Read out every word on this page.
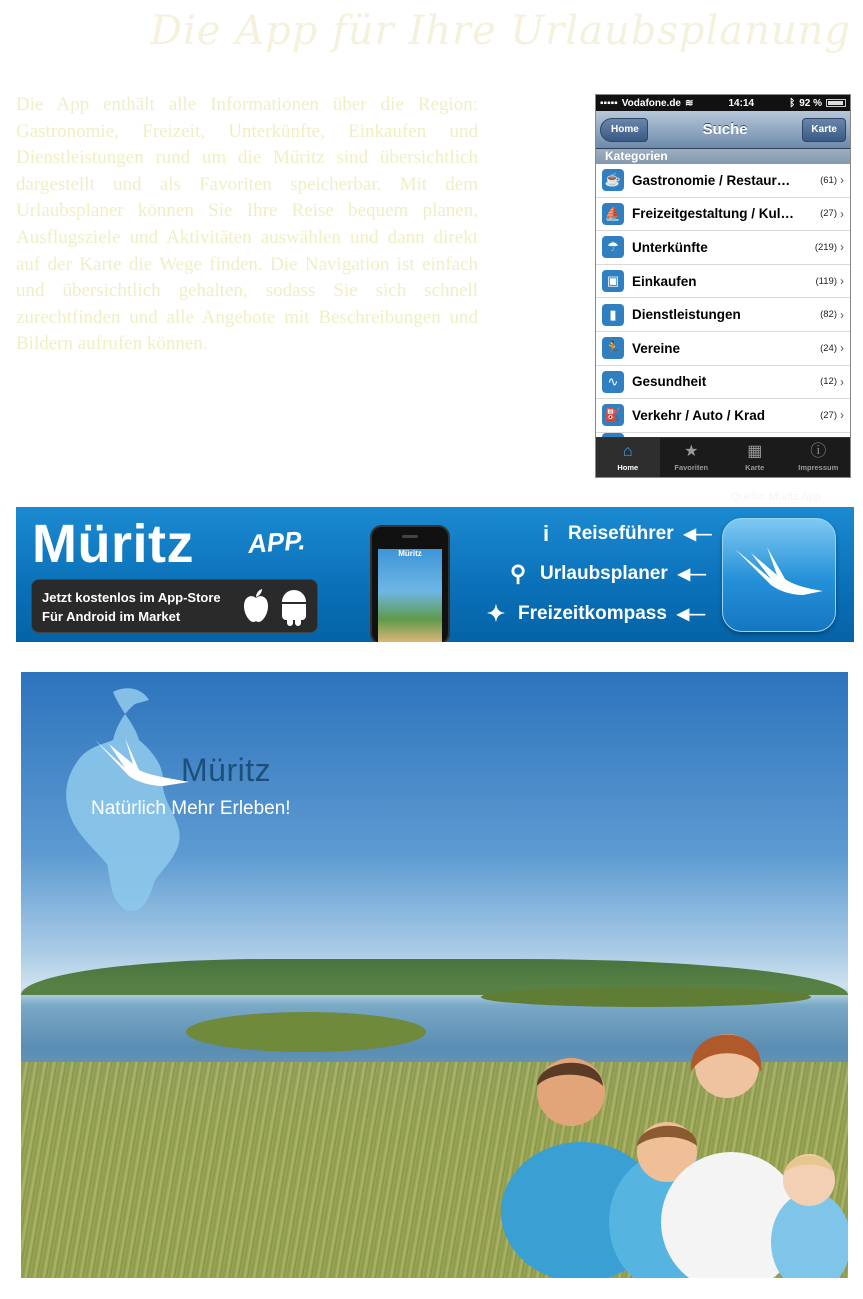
Die App für Ihre Urlaubsplanung

Die App enthält alle Informationen über die Region: Gastronomie, Freizeit, Unterkünfte, Einkaufen und Dienstleistungen rund um die Müritz sind übersichtlich dargestellt und als Favoriten speicherbar. Mit dem Urlaubsplaner können Sie Ihre Reise bequem planen, Ausflugsziele und Aktivitäten auswählen und dann direkt auf der Karte die Wege finden. Die Navigation ist einfach und übersichtlich gehalten, sodass Sie sich schnell zurechtfinden und alle Angebote mit Beschreibungen und Bildern aufrufen können.

▪▪▪▪▪ Vodafone.de ≋	14:14	ᛒ 92 %
Home	Suche	Karte
Kategorien
☕ Gastronomie / Restaur…	(61) ›
⛵ Freizeitgestaltung / Kul…	(27) ›
☂ Unterkünfte	(219) ›
▣ Einkaufen	(119) ›
▮	Dienstleistungen	(82) ›
🏃 Vereine	(24) ›
∿	Gesundheit	(12) ›
⛽ Verkehr / Auto / Krad	(27) ›
⌂
Home
★
Favoriten
▦
Karte
ⓘ
Impressum
Quelle: Müritz App
Müritz APP.
Jetzt kostenlos im App-Store
Für Android im Market
Müritz
i Reiseführer ◀—
⚲ Urlaubsplaner ◀—
✦ Freizeitkompass ◀—
Müritz
Natürlich Mehr Erleben!
